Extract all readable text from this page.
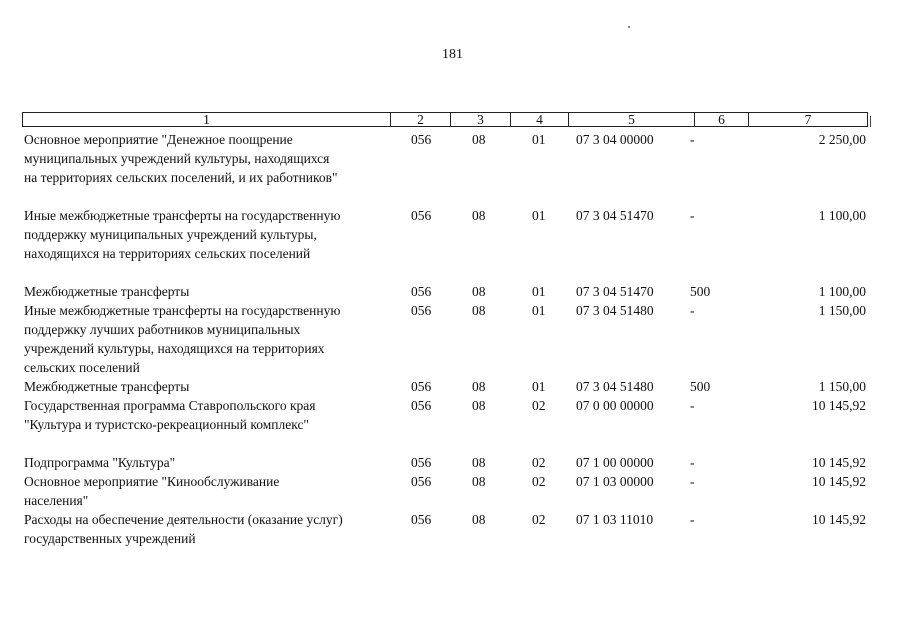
181
1	2	3	4	5	6	7
Основное мероприятие "Денежное поощрение
муниципальных учреждений культуры, находящихся
на территориях сельских поселений, и их работников"
056	08	01 07 3 04 00000	-	2 250,00
Иные межбюджетные трансферты на государственную
поддержку муниципальных учреждений культуры,
находящихся на территориях сельских поселений
056	08	01 07 3 04 51470	-	1 100,00
Межбюджетные трансферты	056	08	01 07 3 04 51470	500	1 100,00
Иные межбюджетные трансферты на государственную
поддержку лучших работников муниципальных
учреждений культуры, находящихся на территориях
сельских поселений
056	08	01 07 3 04 51480	-	1 150,00
Межбюджетные трансферты	056	08	01 07 3 04 51480	500	1 150,00
Государственная программа Ставропольского края
"Культура и туристско-рекреационный комплекс"
056	08	02 07 0 00 00000	-	10 145,92
Подпрограмма "Культура"	056	08	02 07 1 00 00000	-	10 145,92
Основное мероприятие "Кинообслуживание
населения"
056	08	02 07 1 03 00000	-	10 145,92
Расходы на обеспечение деятельности (оказание услуг)
государственных учреждений
056	08	02 07 1 03 11010	-	10 145,92
